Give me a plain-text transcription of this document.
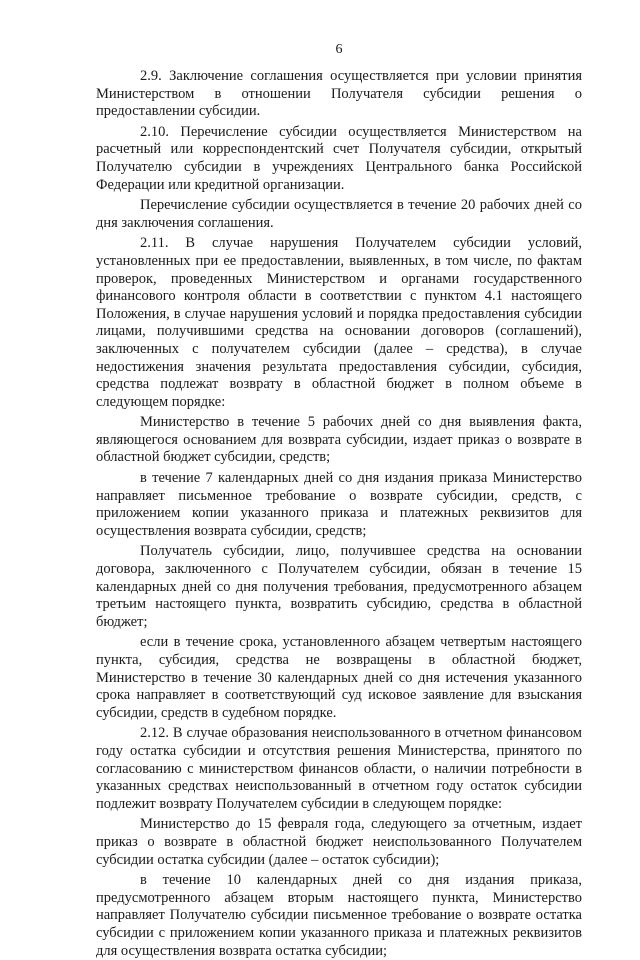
6

2.9. Заключение соглашения осуществляется при условии принятия Министерством в отношении Получателя субсидии решения о предоставлении субсидии.

2.10. Перечисление субсидии осуществляется Министерством на расчетный или корреспондентский счет Получателя субсидии, открытый Получателю субсидии в учреждениях Центрального банка Российской Федерации или кредитной организации.

Перечисление субсидии осуществляется в течение 20 рабочих дней со дня заключения соглашения.

2.11. В случае нарушения Получателем субсидии условий, установленных при ее предоставлении, выявленных, в том числе, по фактам проверок, проведенных Министерством и органами государственного финансового контроля области в соответствии с пунктом 4.1 настоящего Положения, в случае нарушения условий и порядка предоставления субсидии лицами, получившими средства на основании договоров (соглашений), заключенных с получателем субсидии (далее – средства), в случае недостижения значения результата предоставления субсидии, субсидия, средства подлежат возврату в областной бюджет в полном объеме в следующем порядке:

Министерство в течение 5 рабочих дней со дня выявления факта, являющегося основанием для возврата субсидии, издает приказ о возврате в областной бюджет субсидии, средств;

в течение 7 календарных дней со дня издания приказа Министерство направляет письменное требование о возврате субсидии, средств, с приложением копии указанного приказа и платежных реквизитов для осуществления возврата субсидии, средств;

Получатель субсидии, лицо, получившее средства на основании договора, заключенного с Получателем субсидии, обязан в течение 15 календарных дней со дня получения требования, предусмотренного абзацем третьим настоящего пункта, возвратить субсидию, средства в областной бюджет;

если в течение срока, установленного абзацем четвертым настоящего пункта, субсидия, средства не возвращены в областной бюджет, Министерство в течение 30 календарных дней со дня истечения указанного срока направляет в соответствующий суд исковое заявление для взыскания субсидии, средств в судебном порядке.

2.12. В случае образования неиспользованного в отчетном финансовом году остатка субсидии и отсутствия решения Министерства, принятого по согласованию с министерством финансов области, о наличии потребности в указанных средствах неиспользованный в отчетном году остаток субсидии подлежит возврату Получателем субсидии в следующем порядке:

Министерство до 15 февраля года, следующего за отчетным, издает приказ о возврате в областной бюджет неиспользованного Получателем субсидии остатка субсидии (далее – остаток субсидии);

в течение 10 календарных дней со дня издания приказа, предусмотренного абзацем вторым настоящего пункта, Министерство направляет Получателю субсидии письменное требование о возврате остатка субсидии с приложением копии указанного приказа и платежных реквизитов для осуществления возврата остатка субсидии;
